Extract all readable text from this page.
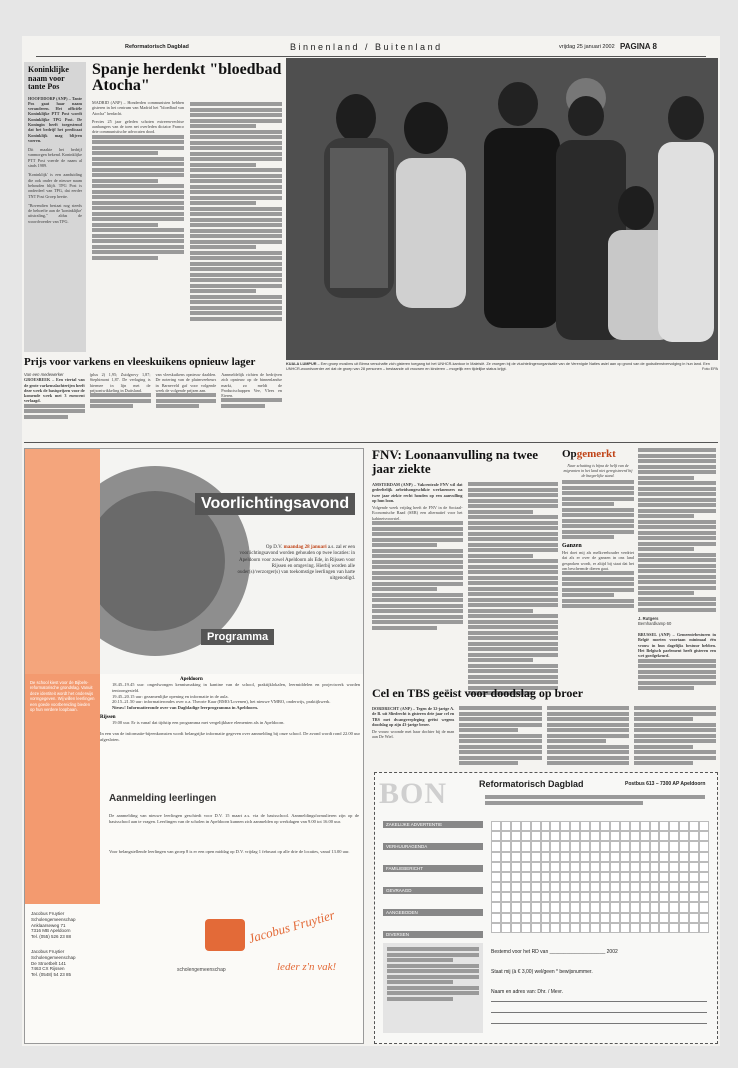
Reformatorisch Dagblad	Binnenland / Buitenland	vrijdag 25 januari 2002 PAGINA 8
Koninklijke naam voor tante Pos
HOOFDDORP (ANP) – Tante Pos gaat haar naam veranderen. Het officiële Koninklijke PTT Post wordt Koninklijke TPG Post. De Koningin heeft toegestemd dat het bedrijf het predicaat Koninklijk mag blijven voeren.
Dit maakte het bedrijf vanmorgen bekend. Koninklijke PTT Post voerde de naam al sinds 1989.
'Koninklijk' is een aanduiding die ook onder de nieuwe naam behouden blijft. TPG Post is onderdeel van TPG, dat eerder TNT Post Groep heette.
"Bovendien bestaat nog steeds de behoefte aan de 'koninklijke' uitstraling," aldus de woordvoerder van TPG.
Spanje herdenkt "bloedbad Atocha"
MADRID (ANP) – Honderden communisten hebben gisteren in het centrum van Madrid het "bloedbad van Atocha" herdacht.
Precies 25 jaar geleden schoten extreem-rechtse aanhangers van de toen net overleden dictator Franco drie communistische advocaten dood.
KUALA LUMPUR – Een groep moslims uit Birma verschafte zich gisteren toegang tot het UNHCR-kantoor in Maleisië. Ze vroegen bij de vluchtelingenorganisatie van de Verenigde Naties asiel aan op grond van de godsdienstvervolging in hun land. Een UNHCR-woordvoerder zei dat de groep van 28 personen – bestaande uit vrouwen en kinderen – mogelijk een tijdelijke status krijgt.	Foto EPA
Prijs voor varkens en vleeskuikens opnieuw lager
Van een medewerker
GROESBEEK – Een viertal van de grote varkensslachterijen heeft deze week de basisprijzen voor de komende week met 3 eurocent verlaagd.
(plus 2) 1,95; Zuidgrovy 1,87; Stephimont 1,87. De verlaging is hiermee in lijn met de prijsontwikkeling in Duitsland.
van vleeskuikens opnieuw daalden. De notering van de pluimveebeurs in Barneveld gaf voor volgende week de volgende prijzen aan.
Aanmeldelijk richten de bedrijven zich opnieuw op de binnenlandse markt, zo meldt de Productschappen Vee, Vlees en Eieren.
Voorlichtingsavond
Op D.V. maandag 28 januari a.s. zal er een voorlichtingsavond worden gehouden op twee locaties: in Apeldoorn voor zowel Apeldoorn als Ede, in Rijssen voor Rijssen en omgeving. Hierbij worden alle ouder(s)/verzorger(s) van toekomstige leerlingen van harte uitgenodigd.
Programma
Apeldoorn
18.45–19.45 uur: ongedwongen kennismaking in kantine van de school, praktijklokalen, leermiddelen en projectwerk worden tentoongesteld.
19.45–20.15 uur: gezamenlijke opening en informatie in de aula.
20.15–21.50 uur: informatierondes over o.a. Theorie Kaar (BMO/Lovenen), het nieuwe VMBO, onderwijs, praktijkwerk.
Nieuw! Informatieronde over van Dagbladige leerprogramma in Apeldoorn.
Rijssen
19.00 uur. Er is vanaf dat tijdstip een programma met vergelijkbare elementen als in Apeldoorn.
In een van de informatie-bijeenkomsten wordt belangrijke informatie gegeven over aanmelding bij onze school. De avond wordt rond 22.00 uur afgesloten.
Aanmelding leerlingen
De aanmelding van nieuwe leerlingen geschiedt voor D.V. 15 maart a.s. via de basisschool. Aanmeldingsformulieren zijn op de basisschool aan te vragen. Leerlingen van de scholen in Apeldoorn kunnen zich aanmelden op werkdagen van 9.00 tot 16.00 uur.
Voor belangstellende leerlingen van groep 8 is er een open middag op D.V. vrijdag 1 februari op alle drie de locaties, vanaf 13.00 uur.
De school kiest voor de Bijbels-reformatorische grondslag. Vanuit deze identiteit wordt het onderwijs vormgegeven. Wij willen leerlingen een goede voorbereiding bieden op hun verdere loopbaan.
Jacobus Fruytier
Scholengemeenschap
Anklaarseweg 71
7316 MB Apeldoorn
Tel. (055) 526 23 88
Jacobus Fruytier
Scholengemeenschap
De Stroetbelt 141
7463 CX Rijssen
Tel. (0548) 54 23 85
Jacobus Fruytier
scholengemeenschap	leder z'n vak!
FNV: Loonaanvulling na twee jaar ziekte
AMSTERDAM (ANP) – Vakcentrale FNV wil dat gedeeltelijk arbeidsongeschikte werknemers na twee jaar ziekte recht houden op een aanvulling op hun loon.
Volgende week vrijdag heeft de FNV in de Sociaal-Economische Raad (SER) een alternatief voor het kabinetsvoorstel.
Opgemerkt
Naar schatting is bijna de helft van de migranten in het land niet geregistreerd bij de burgerlijke stand.
Ganzen
Het doet mij als melkveehouder verdriet dat als er over de ganzen in ons land gesproken wordt, er altijd bij staat dat het om beschermde dieren gaat.
J. Rutgers
Bernhardkamp 60
BRUSSEL (ANP) – Gemeentebesturen in België moeten voortaan minimaal één vrouw in hun dagelijks bestuur hebben. Het Belgisch parlement heeft gisteren een wet goedgekeurd.
Cel en TBS geëist voor doodslag op broer
DORDRECHT (ANP) – Tegen de 32-jarige A. de B. uit Sliedrecht is gisteren drie jaar cel en TBS met dwangverpleging geëist wegens doodslag op zijn 43-jarige broer.
De vrouw woonde met haar dochter bij de man aan De Wiel.
BON	Reformatorisch Dagblad	Postbus 613 – 7300 AP Apeldoorn
ZAKELIJKE ADVERTENTIE
VERHUURAGENDA
FAMILIEBERICHT
GEVRAAGD
AANGEBODEN
DIVERSEN
Bestemd voor het RD van ____________________ 2002
Staat mij (à € 3,00) wel/geen * bewijsnummer.
Naam en adres van: Dhr. / Mevr.
